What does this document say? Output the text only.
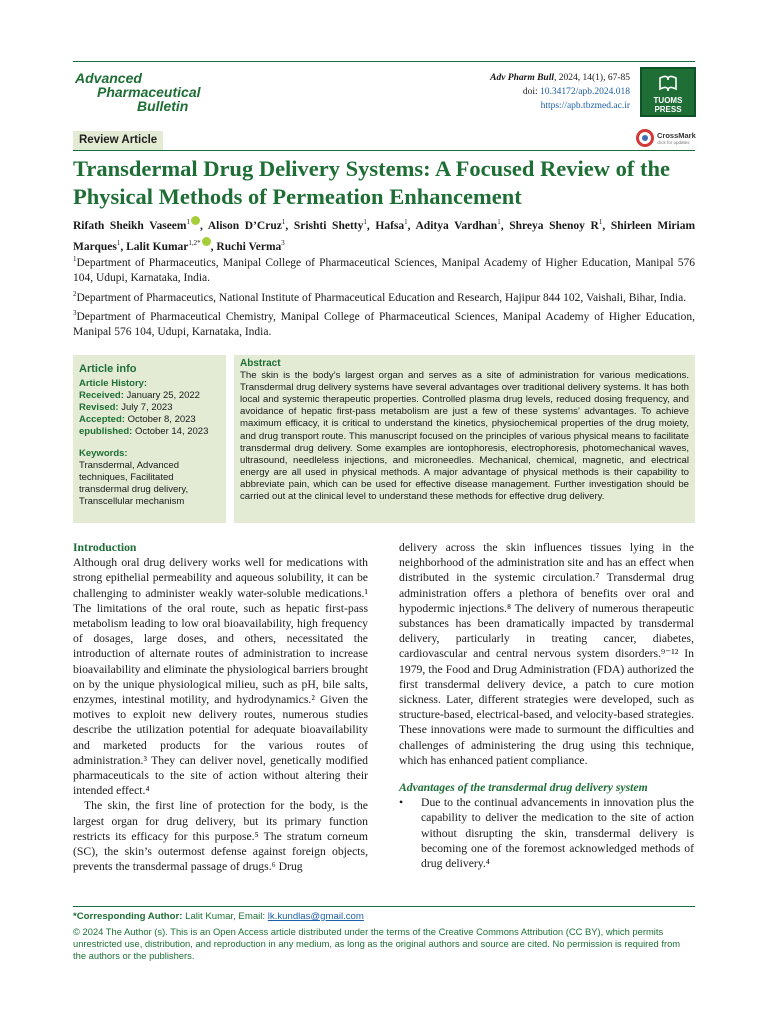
Advanced
Pharmaceutical
Bulletin
Adv Pharm Bull, 2024, 14(1), 67-85
doi: 10.34172/apb.2024.018
https://apb.tbzmed.ac.ir
TUOMS
PRESS
Review Article	CrossMark
click for updates
Transdermal Drug Delivery Systems: A Focused Review of the Physical Methods of Permeation Enhancement
Rifath Sheikh Vaseem$^1$ , Alison D’Cruz$^1$, Srishti Shetty$^1$, Hafsa$^1$, Aditya Vardhan$^1$, Shreya Shenoy $R^1$, Shirleen Miriam Marques$^1$, Lalit Kumar$^{1,2*}$ , Ruchi Verma$^3$

$^1$Department of Pharmaceutics, Manipal College of Pharmaceutical Sciences, Manipal Academy of Higher Education, Manipal 576 104, Udupi, Karnataka, India.

$^2$Department of Pharmaceutics, National Institute of Pharmaceutical Education and Research, Hajipur 844 102, Vaishali, Bihar, India.

$^3$Department of Pharmaceutical Chemistry, Manipal College of Pharmaceutical Sciences, Manipal Academy of Higher Education, Manipal 576 104, Udupi, Karnataka, India.

Article info
Article History:
Received: January 25, 2022
Revised: July 7, 2023
Accepted: October 8, 2023
epublished: October 14, 2023
Keywords:
Transdermal, Advanced techniques, Facilitated transdermal drug delivery, Transcellular mechanism
Abstract
The skin is the body’s largest organ and serves as a site of administration for various medications. Transdermal drug delivery systems have several advantages over traditional delivery systems. It has both local and systemic therapeutic properties. Controlled plasma drug levels, reduced dosing frequency, and avoidance of hepatic first-pass metabolism are just a few of these systems’ advantages. To achieve maximum efficacy, it is critical to understand the kinetics, physiochemical properties of the drug moiety, and drug transport route. This manuscript focused on the principles of various physical means to facilitate transdermal drug delivery. Some examples are iontophoresis, electrophoresis, photomechanical waves, ultrasound, needleless injections, and microneedles. Mechanical, chemical, magnetic, and electrical energy are all used in physical methods. A major advantage of physical methods is their capability to abbreviate pain, which can be used for effective disease management. Further investigation should be carried out at the clinical level to understand these methods for effective drug delivery.
Introduction

Although oral drug delivery works well for medications with strong epithelial permeability and aqueous solubility, it can be challenging to administer weakly water-soluble medications.¹ The limitations of the oral route, such as hepatic first-pass metabolism leading to low oral bioavailability, high frequency of dosages, large doses, and others, necessitated the introduction of alternate routes of administration to increase bioavailability and eliminate the physiological barriers brought on by the unique physiological milieu, such as pH, bile salts, enzymes, intestinal motility, and hydrodynamics.² Given the motives to exploit new delivery routes, numerous studies describe the utilization potential for adequate bioavailability and marketed products for the various routes of administration.³ They can deliver novel, genetically modified pharmaceuticals to the site of action without altering their intended effect.⁴

The skin, the first line of protection for the body, is the largest organ for drug delivery, but its primary function restricts its efficacy for this purpose.⁵ The stratum corneum (SC), the skin’s outermost defense against foreign objects, prevents the transdermal passage of drugs.⁶ Drug

delivery across the skin influences tissues lying in the neighborhood of the administration site and has an effect when distributed in the systemic circulation.⁷ Transdermal drug administration offers a plethora of benefits over oral and hypodermic injections.⁸ The delivery of numerous therapeutic substances has been dramatically impacted by transdermal delivery, particularly in treating cancer, diabetes, cardiovascular and central nervous system disorders.⁹⁻¹² In 1979, the Food and Drug Administration (FDA) authorized the first transdermal delivery device, a patch to cure motion sickness. Later, different strategies were developed, such as structure-based, electrical-based, and velocity-based strategies. These innovations were made to surmount the difficulties and challenges of administering the drug using this technique, which has enhanced patient compliance.

Advantages of the transdermal drug delivery system
•	Due to the continual advancements in innovation plus the capability to deliver the medication to the site of action without disrupting the skin, transdermal delivery is becoming one of the foremost acknowledged methods of drug delivery.⁴
*Corresponding Author: Lalit Kumar, Email: lk.kundlas@gmail.com
© 2024 The Author (s). This is an Open Access article distributed under the terms of the Creative Commons Attribution (CC BY), which permits unrestricted use, distribution, and reproduction in any medium, as long as the original authors and source are cited. No permission is required from the authors or the publishers.
